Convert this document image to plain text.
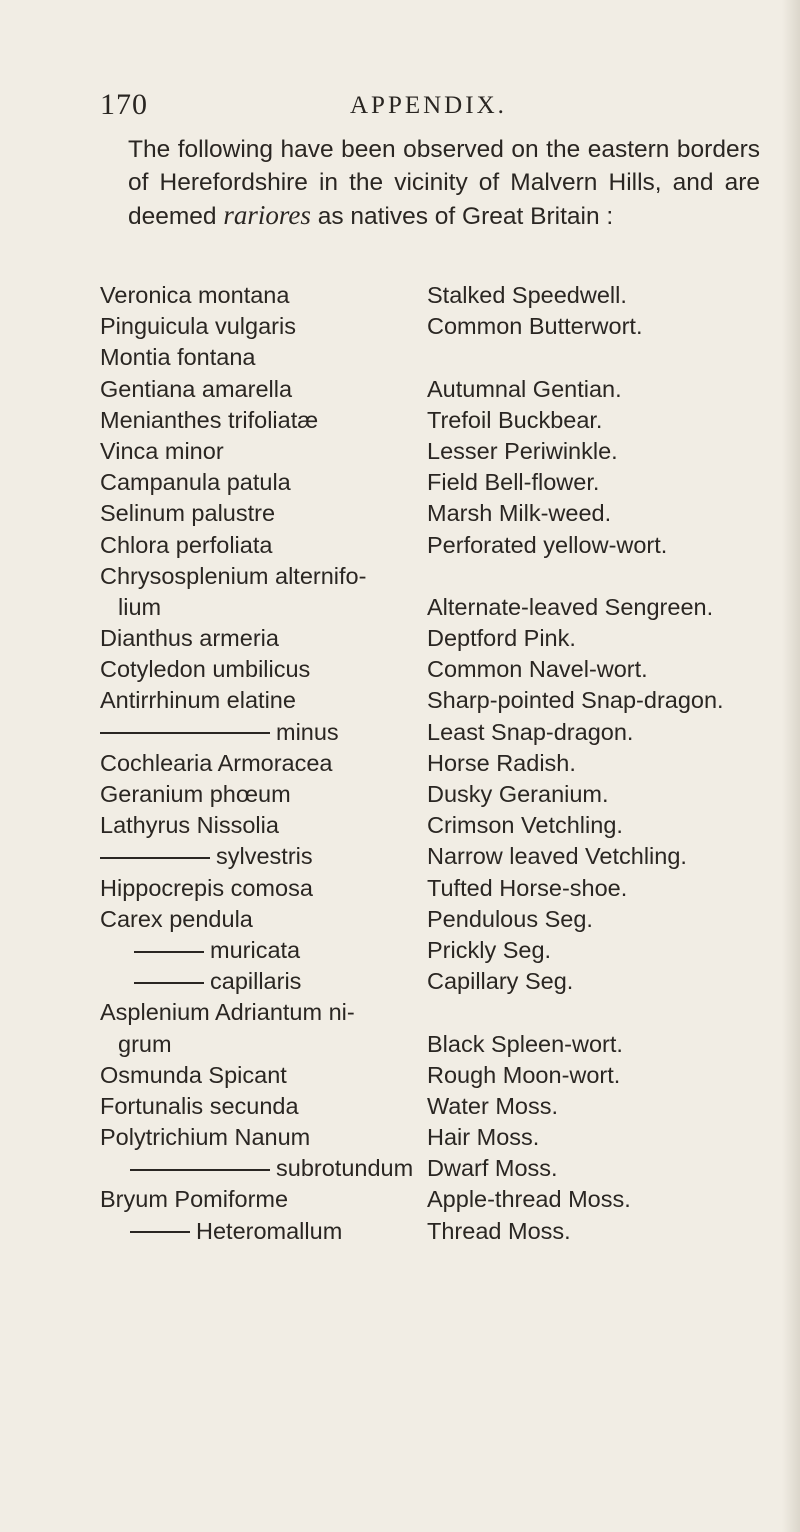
170	APPENDIX.
The following have been observed on the eastern borders of Herefordshire in the vicinity of Malvern Hills, and are deemed rariores as natives of Great Britain :
Veronica montana	Stalked Speedwell.
Pinguicula vulgaris	Common Butterwort.
Montia fontana
Gentiana amarella	Autumnal Gentian.
Menianthes trifoliatæ	Trefoil Buckbear.
Vinca minor	Lesser Periwinkle.
Campanula patula	Field Bell-flower.
Selinum palustre	Marsh Milk-weed.
Chlora perfoliata	Perforated yellow-wort.
Chrysosplenium alternifo-
lium	Alternate-leaved Sengreen.
Dianthus armeria	Deptford Pink.
Cotyledon umbilicus	Common Navel-wort.
Antirrhinum elatine	Sharp-pointed Snap-dragon.
minus	Least Snap-dragon.
Cochlearia Armoracea	Horse Radish.
Geranium phœum	Dusky Geranium.
Lathyrus Nissolia	Crimson Vetchling.
sylvestris	Narrow leaved Vetchling.
Hippocrepis comosa	Tufted Horse-shoe.
Carex pendula	Pendulous Seg.
muricata	Prickly Seg.
capillaris	Capillary Seg.
Asplenium Adriantum ni-
grum	Black Spleen-wort.
Osmunda Spicant	Rough Moon-wort.
Fortunalis secunda	Water Moss.
Polytrichium Nanum	Hair Moss.
subrotundum Dwarf Moss.
Bryum Pomiforme	Apple-thread Moss.
Heteromallum	Thread Moss.
